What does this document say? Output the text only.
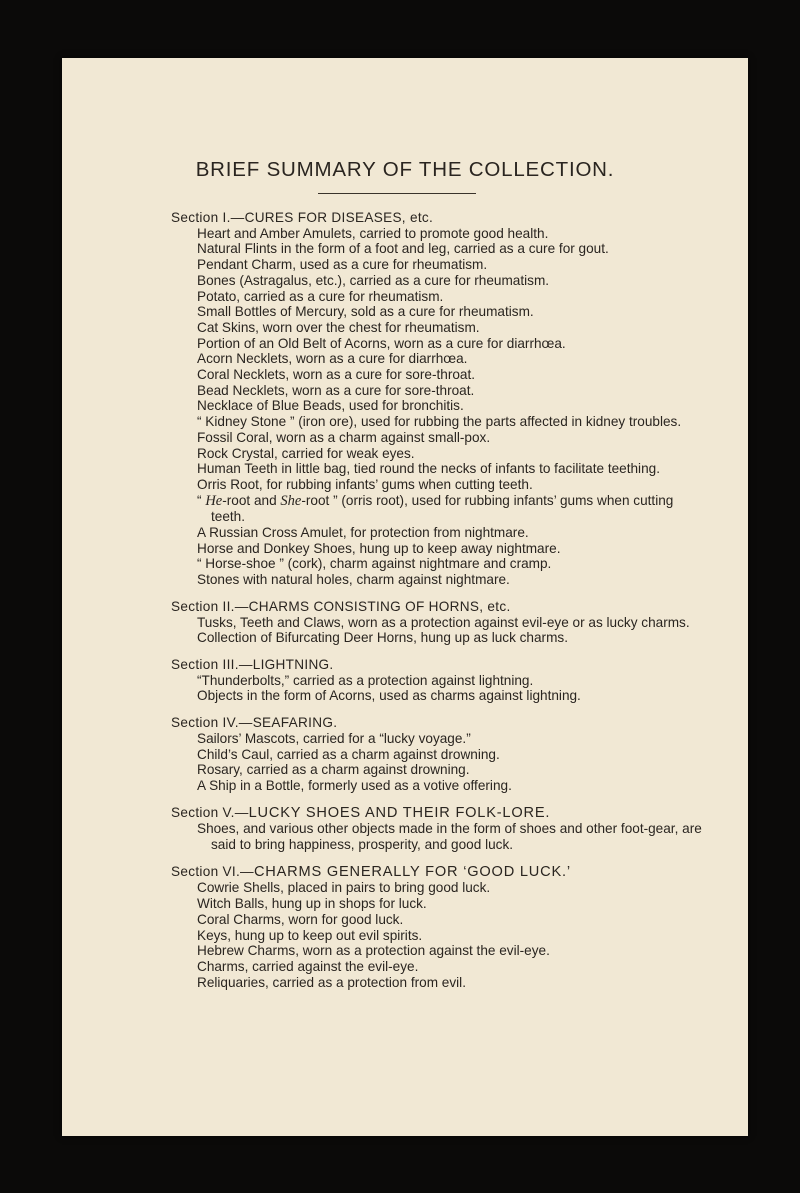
BRIEF SUMMARY OF THE COLLECTION.
Section I.—CURES FOR DISEASES, etc.
Heart and Amber Amulets, carried to promote good health.
Natural Flints in the form of a foot and leg, carried as a cure for gout.
Pendant Charm, used as a cure for rheumatism.
Bones (Astragalus, etc.), carried as a cure for rheumatism.
Potato, carried as a cure for rheumatism.
Small Bottles of Mercury, sold as a cure for rheumatism.
Cat Skins, worn over the chest for rheumatism.
Portion of an Old Belt of Acorns, worn as a cure for diarrhœa.
Acorn Necklets, worn as a cure for diarrhœa.
Coral Necklets, worn as a cure for sore-throat.
Bead Necklets, worn as a cure for sore-throat.
Necklace of Blue Beads, used for bronchitis.
“ Kidney Stone ” (iron ore), used for rubbing the parts affected in kidney troubles.
Fossil Coral, worn as a charm against small-pox.
Rock Crystal, carried for weak eyes.
Human Teeth in little bag, tied round the necks of infants to facilitate teething.
Orris Root, for rubbing infants’ gums when cutting teeth.
“ He-root and She-root ” (orris root), used for rubbing infants’ gums when cutting teeth.
A Russian Cross Amulet, for protection from nightmare.
Horse and Donkey Shoes, hung up to keep away nightmare.
“ Horse-shoe ” (cork), charm against nightmare and cramp.
Stones with natural holes, charm against nightmare.
Section II.—CHARMS CONSISTING OF HORNS, etc.
Tusks, Teeth and Claws, worn as a protection against evil-eye or as lucky charms.
Collection of Bifurcating Deer Horns, hung up as luck charms.
Section III.—LIGHTNING.
“Thunderbolts,” carried as a protection against lightning.
Objects in the form of Acorns, used as charms against lightning.
Section IV.—SEAFARING.
Sailors’ Mascots, carried for a “lucky voyage.”
Child’s Caul, carried as a charm against drowning.
Rosary, carried as a charm against drowning.
A Ship in a Bottle, formerly used as a votive offering.
Section V.—LUCKY SHOES AND THEIR FOLK-LORE.
Shoes, and various other objects made in the form of shoes and other foot-gear, are said to bring happiness, prosperity, and good luck.
Section VI.—CHARMS GENERALLY FOR ‘GOOD LUCK.’
Cowrie Shells, placed in pairs to bring good luck.
Witch Balls, hung up in shops for luck.
Coral Charms, worn for good luck.
Keys, hung up to keep out evil spirits.
Hebrew Charms, worn as a protection against the evil-eye.
Charms, carried against the evil-eye.
Reliquaries, carried as a protection from evil.
